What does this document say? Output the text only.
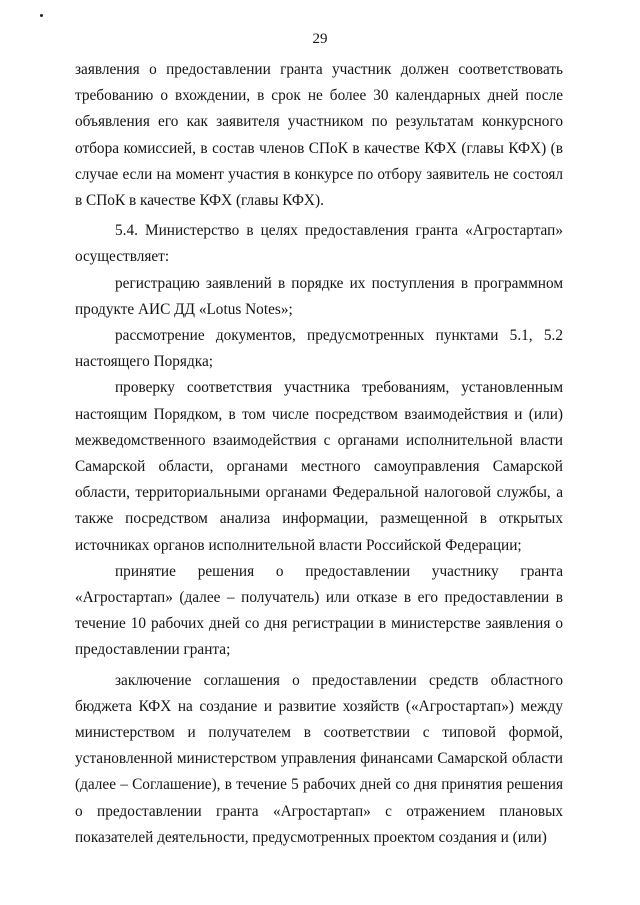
29

заявления о предоставлении гранта участник должен соответствовать требованию о вхождении, в срок не более 30 календарных дней после объявления его как заявителя участником по результатам конкурсного отбора комиссией, в состав членов СПоК в качестве КФХ (главы КФХ) (в случае если на момент участия в конкурсе по отбору заявитель не состоял в СПоК в качестве КФХ (главы КФХ).

5.4. Министерство в целях предоставления гранта «Агростартап» осуществляет:

регистрацию заявлений в порядке их поступления в программном продукте АИС ДД «Lotus Notes»;

рассмотрение документов, предусмотренных пунктами 5.1, 5.2 настоящего Порядка;

проверку соответствия участника требованиям, установленным настоящим Порядком, в том числе посредством взаимодействия и (или) межведомственного взаимодействия с органами исполнительной власти Самарской области, органами местного самоуправления Самарской области, территориальными органами Федеральной налоговой службы, а также посредством анализа информации, размещенной в открытых источниках органов исполнительной власти Российской Федерации;

принятие решения о предоставлении участнику гранта «Агростартап» (далее – получатель) или отказе в его предоставлении в течение 10 рабочих дней со дня регистрации в министерстве заявления о предоставлении гранта;

заключение соглашения о предоставлении средств областного бюджета КФХ на создание и развитие хозяйств («Агростартап») между министерством и получателем в соответствии с типовой формой, установленной министерством управления финансами Самарской области (далее – Соглашение), в течение 5 рабочих дней со дня принятия решения о предоставлении гранта «Агростартап» с отражением плановых показателей деятельности, предусмотренных проектом создания и (или)
